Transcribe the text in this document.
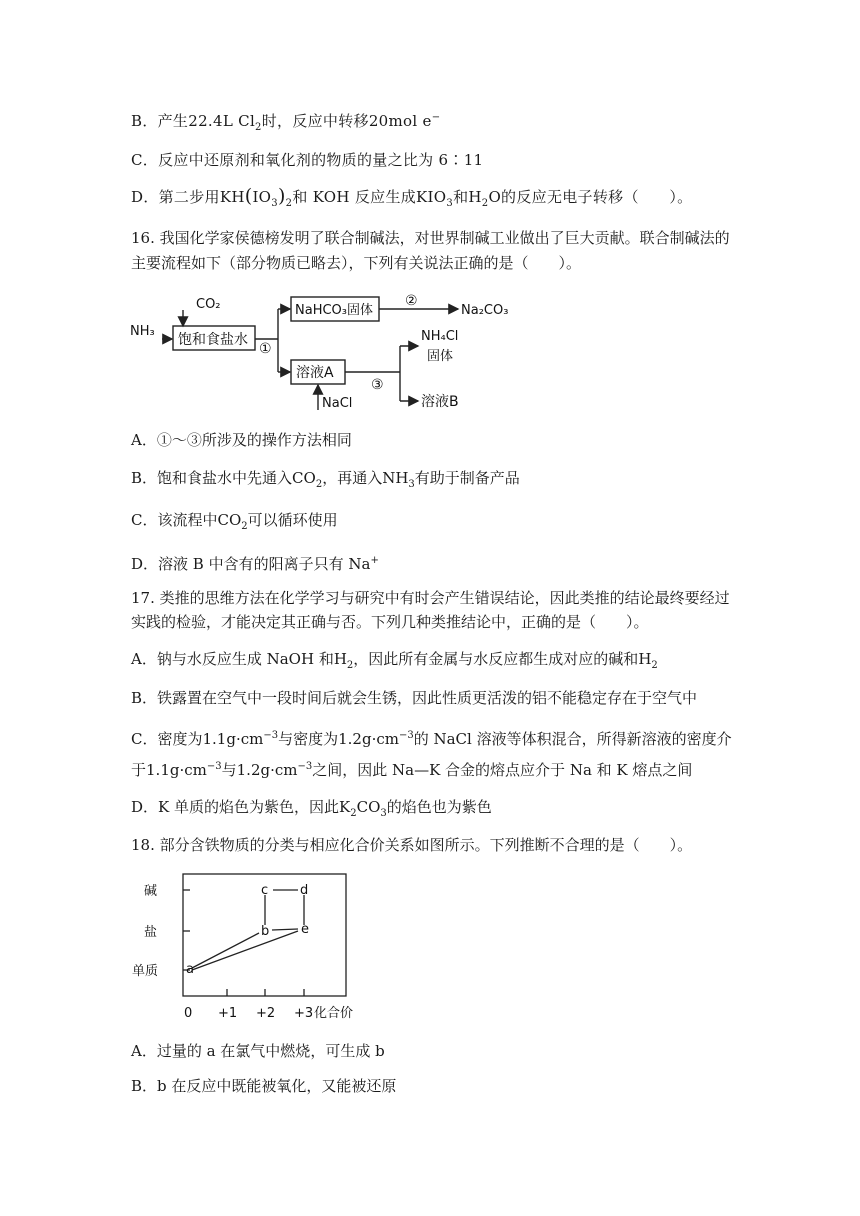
B．产生22.4L $Cl_2$时，反应中转移20mol e−
C．反应中还原剂和氧化剂的物质的量之比为 6∶11
D．第二步用$KH(IO_3)_2$和 KOH 反应生成$KIO_3$和$H_2O$的反应无电子转移（　　）。
16. 我国化学家侯德榜发明了联合制碱法，对世界制碱工业做出了巨大贡献。联合制碱法的
主要流程如下（部分物质已略去），下列有关说法正确的是（　　）。
NH₃
CO₂
饱和食盐水
①
NaHCO₃固体
②
Na₂CO₃
溶液A
NaCl
③
NH₄Cl
固体
溶液B
A．①～③所涉及的操作方法相同
B．饱和食盐水中先通入$CO_2$，再通入$NH_3$有助于制备产品
C．该流程中$CO_2$可以循环使用
D．溶液 B 中含有的阳离子只有 Na+
17. 类推的思维方法在化学学习与研究中有时会产生错误结论，因此类推的结论最终要经过
实践的检验，才能决定其正确与否。下列几种类推结论中，正确的是（　　）。
A．钠与水反应生成 NaOH 和$H_2$，因此所有金属与水反应都生成对应的碱和$H_2$
B．铁露置在空气中一段时间后就会生锈，因此性质更活泼的铝不能稳定存在于空气中
C．密度为$1.1g\cdot cm^{-3}$与密度为$1.2g\cdot cm^{-3}$的 NaCl 溶液等体积混合，所得新溶液的密度介
于$1.1g\cdot cm^{-3}$与$1.2g\cdot cm^{-3}$之间，因此 Na—K 合金的熔点应介于 Na 和 K 熔点之间
D．K 单质的焰色为紫色，因此$K_2CO_3$的焰色也为紫色
18. 部分含铁物质的分类与相应化合价关系如图所示。下列推断不合理的是（　　）。
碱
盐
单质
0 +1 +2 +3 化合价
a
b
c d
e
A．过量的 a 在氯气中燃烧，可生成 b
B．b 在反应中既能被氧化，又能被还原
